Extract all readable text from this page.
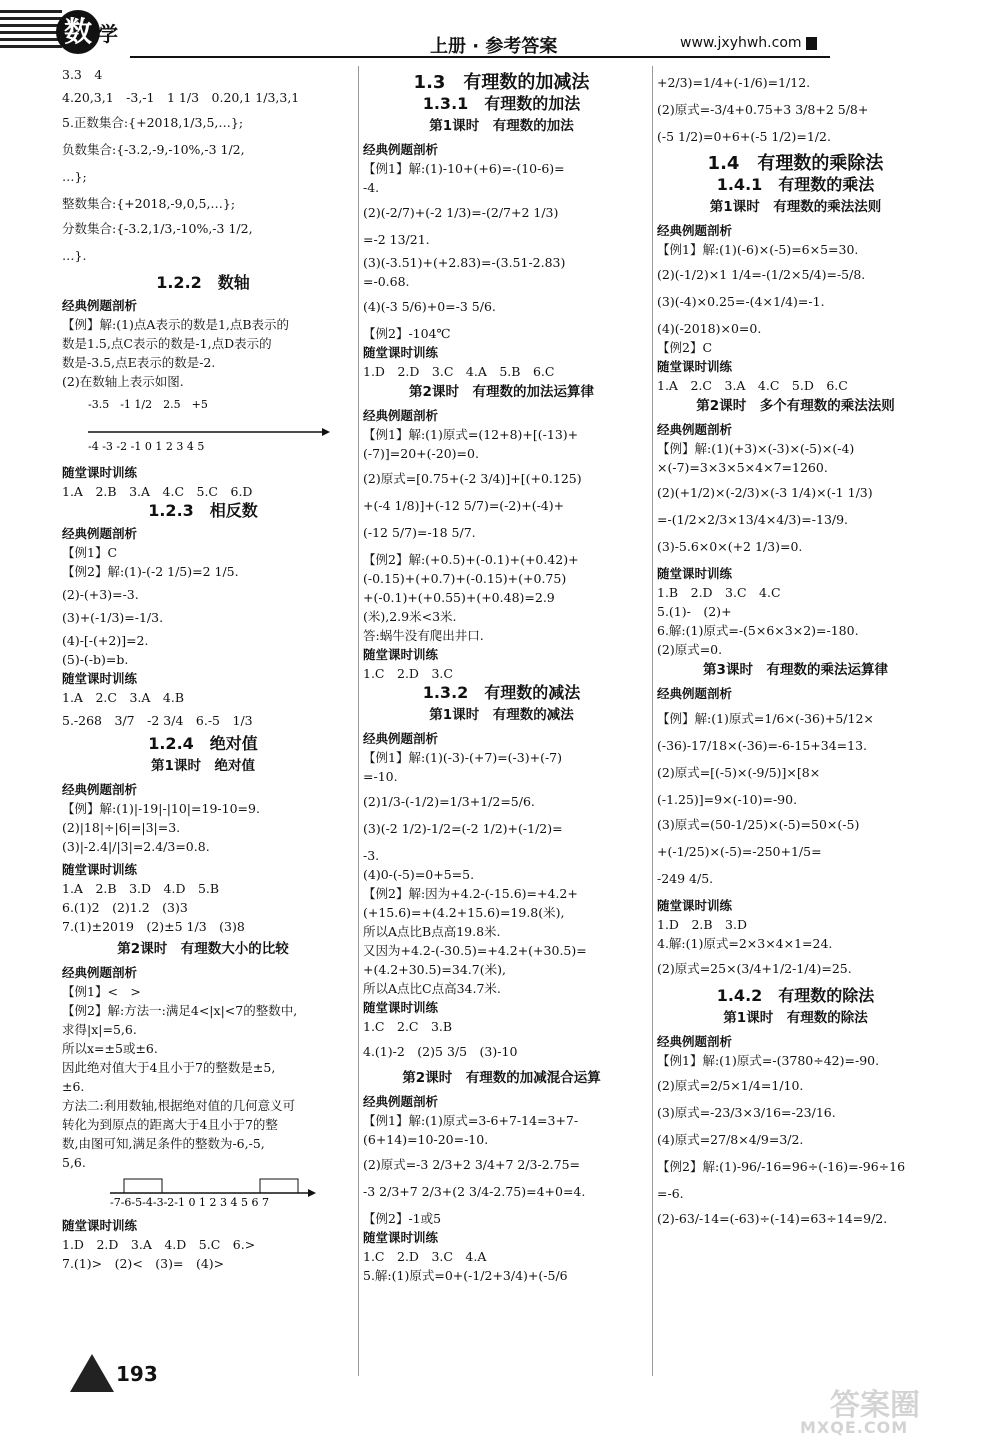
数 学
上册 · 参考答案	www.jxyhwh.com

3.3　4

4.20,3,1　-3,-1　1 1/3　0.20,1 1/3,3,1

5.正数集合:{+2018,1/3,5,…};

负数集合:{-3.2,-9,-10%,-3 1/2,

…};

整数集合:{+2018,-9,0,5,…};

分数集合:{-3.2,1/3,-10%,-3 1/2,

…}.

1.2.2　数轴
经典例题剖析

【例】解:(1)点A表示的数是1,点B表示的

数是1.5,点C表示的数是-1,点D表示的

数是-3.5,点E表示的数是-2.

(2)在数轴上表示如图.

-3.5　-1 1/2　2.5　+5
-4 -3 -2 -1 0 1 2 3 4 5
随堂课时训练

1.A　2.B　3.A　4.C　5.C　6.D

1.2.3　相反数
经典例题剖析

【例1】C

【例2】解:(1)-(-2 1/5)=2 1/5.

(2)-(+3)=-3.

(3)+(-1/3)=-1/3.

(4)-[-(+2)]=2.

(5)-(-b)=b.

随堂课时训练

1.A　2.C　3.A　4.B

5.-268　3/7　-2 3/4　6.-5　1/3

1.2.4　绝对值
第1课时　绝对值
经典例题剖析

【例】解:(1)|-19|-|10|=19-10=9.

(2)|18|÷|6|=|3|=3.

(3)|-2.4|/|3|=2.4/3=0.8.

随堂课时训练

1.A　2.B　3.D　4.D　5.B

6.(1)2　(2)1.2　(3)3

7.(1)±2019　(2)±5 1/3　(3)8

第2课时　有理数大小的比较
经典例题剖析

【例1】<　>

【例2】解:方法一:满足4<|x|<7的整数中,

求得|x|=5,6.

所以x=±5或±6.

因此绝对值大于4且小于7的整数是±5,

±6.

方法二:利用数轴,根据绝对值的几何意义可

转化为到原点的距离大于4且小于7的整

数,由图可知,满足条件的整数为-6,-5,

5,6.

-7-6-5-4-3-2-1 0 1 2 3 4 5 6 7
随堂课时训练

1.D　2.D　3.A　4.D　5.C　6.>

7.(1)>　(2)<　(3)=　(4)>

1.3　有理数的加减法
1.3.1　有理数的加法
第1课时　有理数的加法
经典例题剖析

【例1】解:(1)-10+(+6)=-(10-6)=

-4.

(2)(-2/7)+(-2 1/3)=-(2/7+2 1/3)

=-2 13/21.

(3)(-3.51)+(+2.83)=-(3.51-2.83)

=-0.68.

(4)(-3 5/6)+0=-3 5/6.

【例2】-104℃

随堂课时训练

1.D　2.D　3.C　4.A　5.B　6.C

第2课时　有理数的加法运算律
经典例题剖析

【例1】解:(1)原式=(12+8)+[(-13)+

(-7)]=20+(-20)=0.

(2)原式=[0.75+(-2 3/4)]+[(+0.125)

+(-4 1/8)]+(-12 5/7)=(-2)+(-4)+

(-12 5/7)=-18 5/7.

【例2】解:(+0.5)+(-0.1)+(+0.42)+

(-0.15)+(+0.7)+(-0.15)+(+0.75)

+(-0.1)+(+0.55)+(+0.48)=2.9

(米),2.9米<3米.

答:蜗牛没有爬出井口.

随堂课时训练

1.C　2.D　3.C

1.3.2　有理数的减法
第1课时　有理数的减法
经典例题剖析

【例1】解:(1)(-3)-(+7)=(-3)+(-7)

=-10.

(2)1/3-(-1/2)=1/3+1/2=5/6.

(3)(-2 1/2)-1/2=(-2 1/2)+(-1/2)=

-3.

(4)0-(-5)=0+5=5.

【例2】解:因为+4.2-(-15.6)=+4.2+

(+15.6)=+(4.2+15.6)=19.8(米),

所以A点比B点高19.8米.

又因为+4.2-(-30.5)=+4.2+(+30.5)=

+(4.2+30.5)=34.7(米),

所以A点比C点高34.7米.

随堂课时训练

1.C　2.C　3.B

4.(1)-2　(2)5 3/5　(3)-10

第2课时　有理数的加减混合运算
经典例题剖析

【例1】解:(1)原式=3-6+7-14=3+7-

(6+14)=10-20=-10.

(2)原式=-3 2/3+2 3/4+7 2/3-2.75=

-3 2/3+7 2/3+(2 3/4-2.75)=4+0=4.

【例2】-1或5

随堂课时训练

1.C　2.D　3.C　4.A

5.解:(1)原式=0+(-1/2+3/4)+(-5/6

+2/3)=1/4+(-1/6)=1/12.

(2)原式=-3/4+0.75+3 3/8+2 5/8+

(-5 1/2)=0+6+(-5 1/2)=1/2.

1.4　有理数的乘除法
1.4.1　有理数的乘法
第1课时　有理数的乘法法则
经典例题剖析

【例1】解:(1)(-6)×(-5)=6×5=30.

(2)(-1/2)×1 1/4=-(1/2×5/4)=-5/8.

(3)(-4)×0.25=-(4×1/4)=-1.

(4)(-2018)×0=0.

【例2】C

随堂课时训练

1.A　2.C　3.A　4.C　5.D　6.C

第2课时　多个有理数的乘法法则
经典例题剖析

【例】解:(1)(+3)×(-3)×(-5)×(-4)

×(-7)=3×3×5×4×7=1260.

(2)(+1/2)×(-2/3)×(-3 1/4)×(-1 1/3)

=-(1/2×2/3×13/4×4/3)=-13/9.

(3)-5.6×0×(+2 1/3)=0.

随堂课时训练

1.B　2.D　3.C　4.C

5.(1)-　(2)+

6.解:(1)原式=-(5×6×3×2)=-180.

(2)原式=0.

第3课时　有理数的乘法运算律
经典例题剖析

【例】解:(1)原式=1/6×(-36)+5/12×

(-36)-17/18×(-36)=-6-15+34=13.

(2)原式=[(-5)×(-9/5)]×[8×

(-1.25)]=9×(-10)=-90.

(3)原式=(50-1/25)×(-5)=50×(-5)

+(-1/25)×(-5)=-250+1/5=

-249 4/5.

随堂课时训练

1.D　2.B　3.D

4.解:(1)原式=2×3×4×1=24.

(2)原式=25×(3/4+1/2-1/4)=25.

1.4.2　有理数的除法
第1课时　有理数的除法
经典例题剖析

【例1】解:(1)原式=-(3780÷42)=-90.

(2)原式=2/5×1/4=1/10.

(3)原式=-23/3×3/16=-23/16.

(4)原式=27/8×4/9=3/2.

【例2】解:(1)-96/-16=96÷(-16)=-96÷16

=-6.

(2)-63/-14=(-63)÷(-14)=63÷14=9/2.

193
答案圈
MXQE.COM
